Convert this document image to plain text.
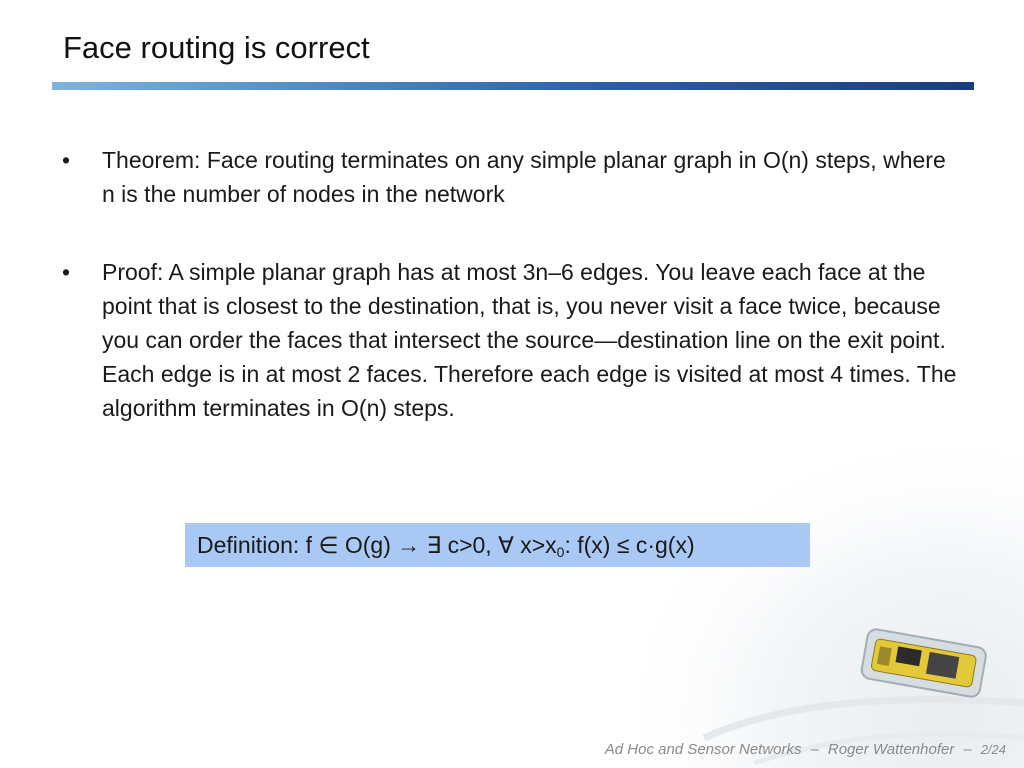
Face routing is correct
• Theorem: Face routing terminates on any simple planar graph in O(n) steps, where n is the number of nodes in the network
• Proof: A simple planar graph has at most 3n–6 edges. You leave each face at the point that is closest to the destination, that is, you never visit a face twice, because you can order the faces that intersect the source—destination line on the exit point. Each edge is in at most 2 faces. Therefore each edge is visited at most 4 times. The algorithm terminates in O(n) steps.
Definition: f ∈ O(g) → ∃ c>0, ∀ $x>x_0$: f(x) ≤ c·g(x)
Ad Hoc and Sensor Networks – Roger Wattenhofer – 2/24
